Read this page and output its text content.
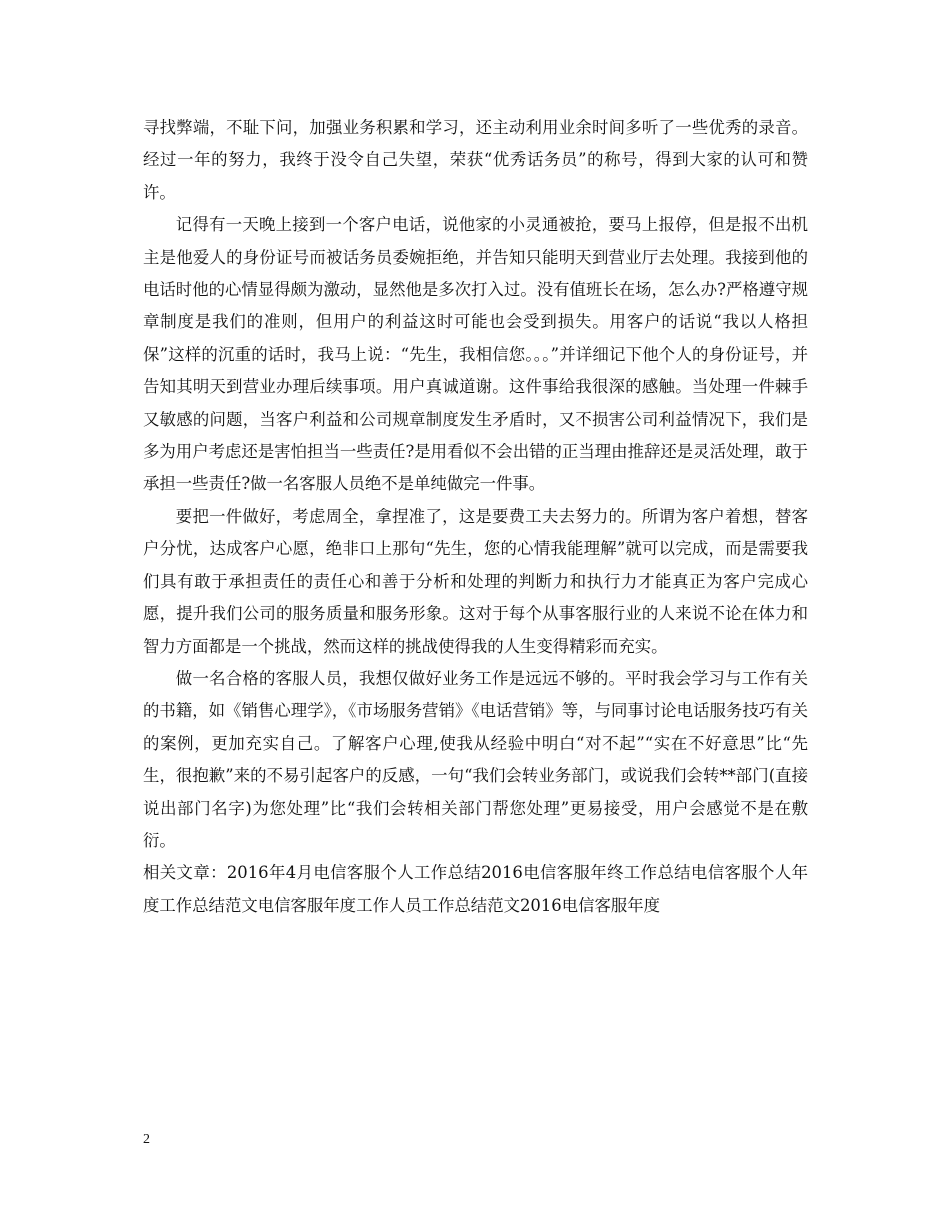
寻找弊端，不耻下问，加强业务积累和学习，还主动利用业余时间多听了一些优秀的录音。经过一年的努力，我终于没令自己失望，荣获“优秀话务员”的称号，得到大家的认可和赞许。

记得有一天晚上接到一个客户电话，说他家的小灵通被抢，要马上报停，但是报不出机主是他爱人的身份证号而被话务员委婉拒绝，并告知只能明天到营业厅去处理。我接到他的电话时他的心情显得颇为激动，显然他是多次打入过。没有值班长在场，怎么办?严格遵守规章制度是我们的准则，但用户的利益这时可能也会受到损失。用客户的话说“我以人格担保”这样的沉重的话时，我马上说：“先生，我相信您。。。”并详细记下他个人的身份证号，并告知其明天到营业办理后续事项。用户真诚道谢。这件事给我很深的感触。当处理一件棘手又敏感的问题，当客户利益和公司规章制度发生矛盾时，又不损害公司利益情况下，我们是多为用户考虑还是害怕担当一些责任?是用看似不会出错的正当理由推辞还是灵活处理，敢于承担一些责任?做一名客服人员绝不是单纯做完一件事。

要把一件做好，考虑周全，拿捏准了，这是要费工夫去努力的。所谓为客户着想，替客户分忧，达成客户心愿，绝非口上那句“先生，您的心情我能理解”就可以完成，而是需要我们具有敢于承担责任的责任心和善于分析和处理的判断力和执行力才能真正为客户完成心愿，提升我们公司的服务质量和服务形象。这对于每个从事客服行业的人来说不论在体力和智力方面都是一个挑战，然而这样的挑战使得我的人生变得精彩而充实。

做一名合格的客服人员，我想仅做好业务工作是远远不够的。平时我会学习与工作有关的书籍，如《销售心理学》，《市场服务营销》《电话营销》等，与同事讨论电话服务技巧有关的案例，更加充实自己。了解客户心理,使我从经验中明白“对不起”“实在不好意思”比“先生，很抱歉”来的不易引起客户的反感，一句“我们会转业务部门，或说我们会转**部门(直接说出部门名字)为您处理”比“我们会转相关部门帮您处理”更易接受，用户会感觉不是在敷衍。

相关文章：2016年4月电信客服个人工作总结2016电信客服年终工作总结电信客服个人年度工作总结范文电信客服年度工作人员工作总结范文2016电信客服年度

2
